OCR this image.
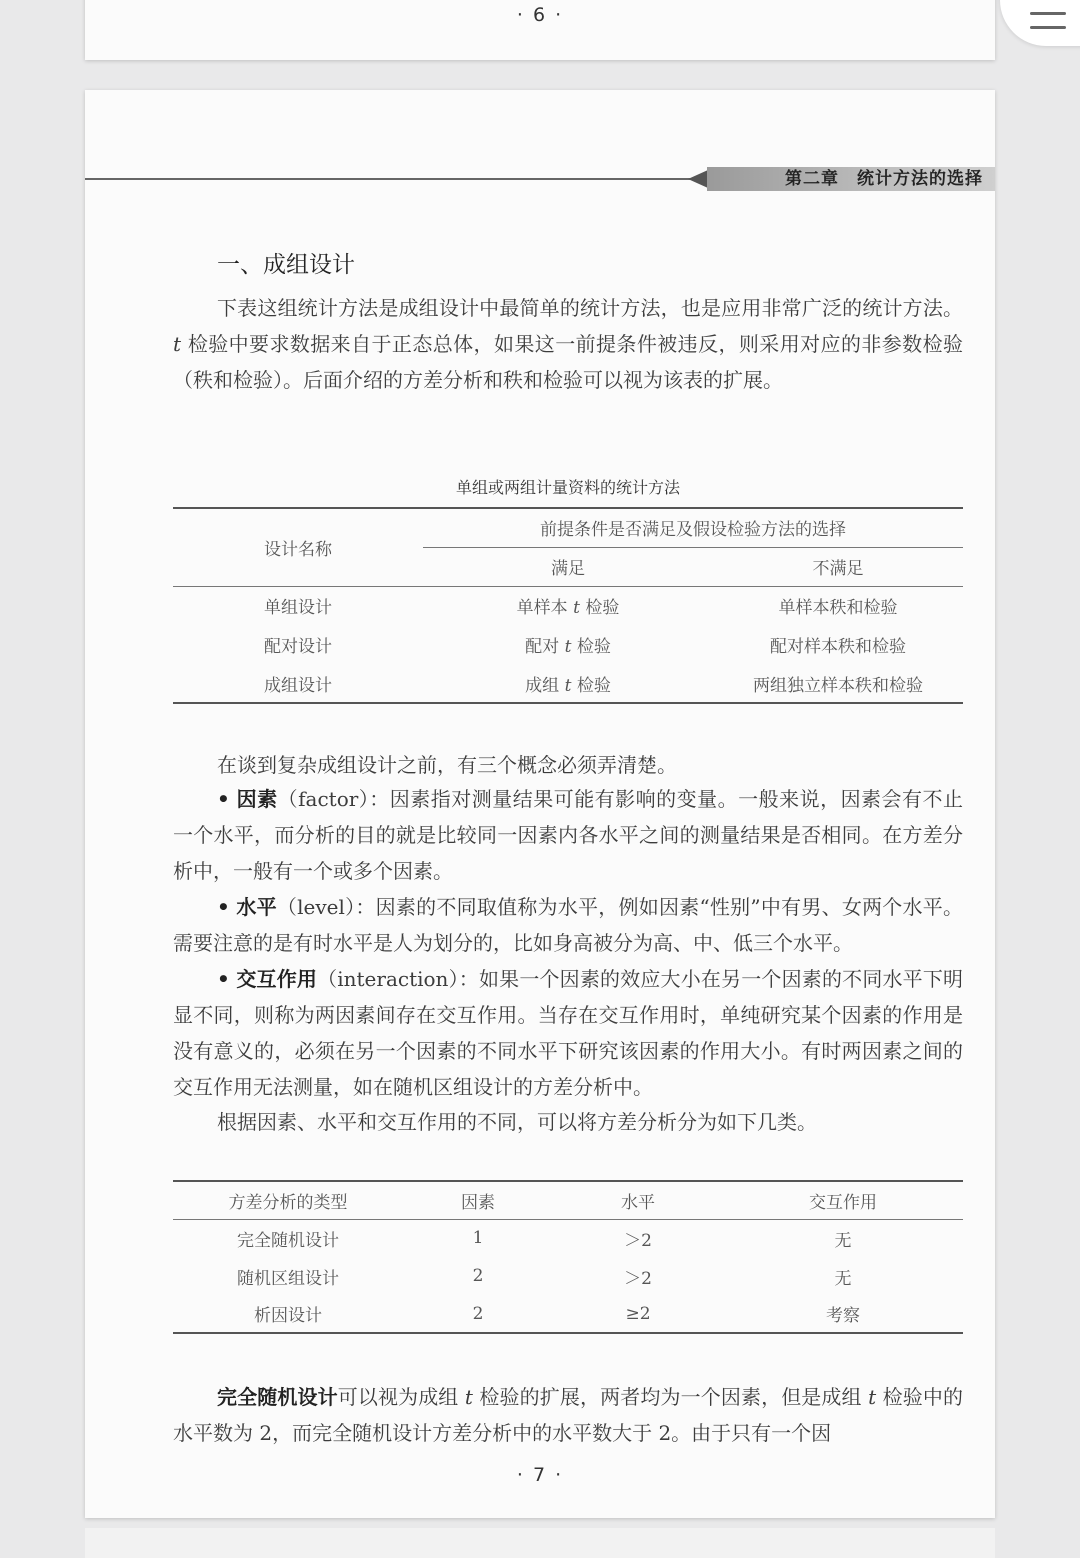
· 6 ·
第二章　统计方法的选择
一、成组设计

下表这组统计方法是成组设计中最简单的统计方法，也是应用非常广泛的统计方法。t 检验中要求数据来自于正态总体，如果这一前提条件被违反，则采用对应的非参数检验（秩和检验）。后面介绍的方差分析和秩和检验可以视为该表的扩展。

单组或两组计量资料的统计方法
设计名称	前提条件是否满足及假设检验方法的选择	
	满足	不满足
单组设计	单样本 t 检验	单样本秩和检验
配对设计	配对 t 检验	配对样本秩和检验
成组设计	成组 t 检验	两组独立样本秩和检验

在谈到复杂成组设计之前，有三个概念必须弄清楚。

• 因素（factor）：因素指对测量结果可能有影响的变量。一般来说，因素会有不止一个水平，而分析的目的就是比较同一因素内各水平之间的测量结果是否相同。在方差分析中，一般有一个或多个因素。

• 水平（level）：因素的不同取值称为水平，例如因素“性别”中有男、女两个水平。需要注意的是有时水平是人为划分的，比如身高被分为高、中、低三个水平。

• 交互作用（interaction）：如果一个因素的效应大小在另一个因素的不同水平下明显不同，则称为两因素间存在交互作用。当存在交互作用时，单纯研究某个因素的作用是没有意义的，必须在另一个因素的不同水平下研究该因素的作用大小。有时两因素之间的交互作用无法测量，如在随机区组设计的方差分析中。

根据因素、水平和交互作用的不同，可以将方差分析分为如下几类。

方差分析的类型	因素	水平	交互作用
完全随机设计	1	＞2	无
随机区组设计	2	＞2	无
析因设计	2	≥2	考察

完全随机设计可以视为成组 t 检验的扩展，两者均为一个因素，但是成组 t 检验中的水平数为 2，而完全随机设计方差分析中的水平数大于 2。由于只有一个因

· 7 ·
